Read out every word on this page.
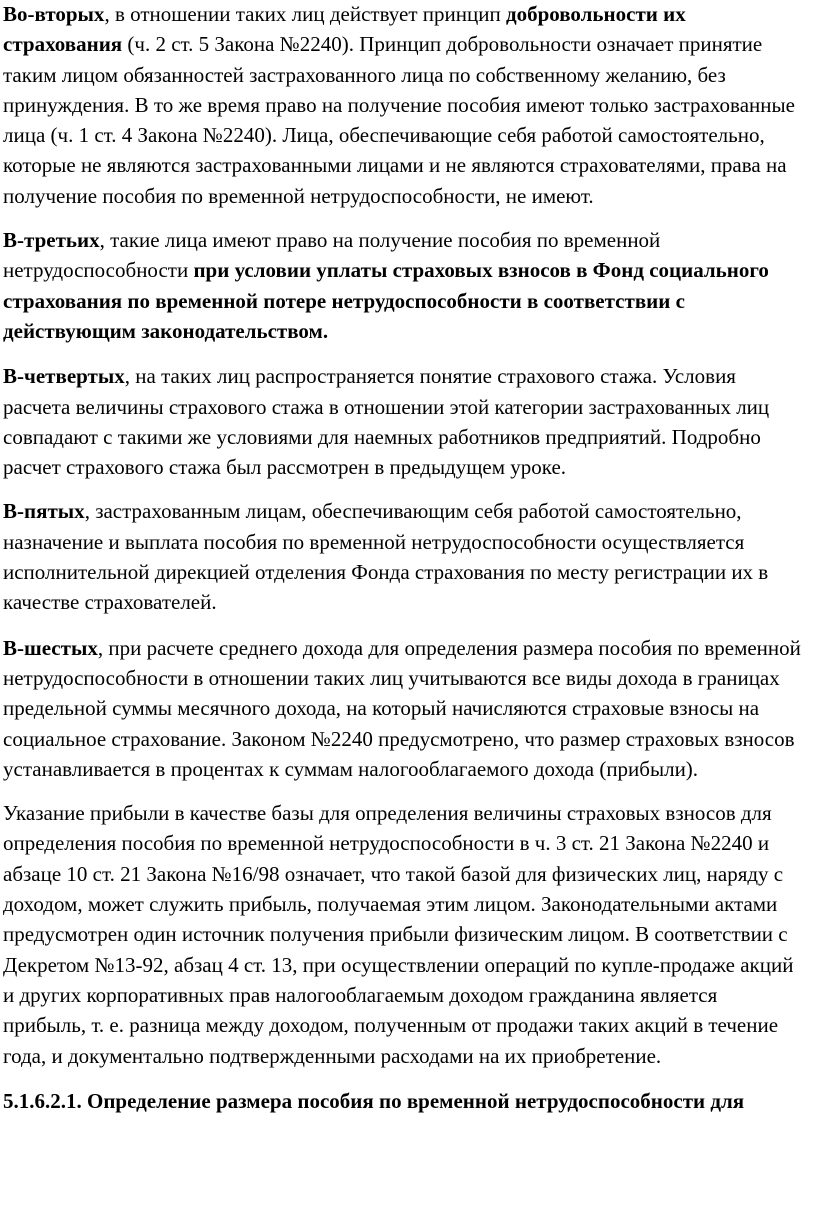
Во-вторых, в отношении таких лиц действует принцип добровольности их страхования (ч. 2 ст. 5 Закона №2240). Принцип добровольности означает принятие таким лицом обязанностей застрахованного лица по собственному желанию, без принуждения. В то же время право на получение пособия имеют только застрахованные лица (ч. 1 ст. 4 Закона №2240). Лица, обеспечивающие себя работой самостоятельно, которые не являются застрахованными лицами и не являются страхователями, права на получение пособия по временной нетрудоспособности, не имеют.

В-третьих, такие лица имеют право на получение пособия по временной нетрудоспособности при условии уплаты страховых взносов в Фонд социального страхования по временной потере нетрудоспособности в соответствии с действующим законодательством.

В-четвертых, на таких лиц распространяется понятие страхового стажа. Условия расчета величины страхового стажа в отношении этой категории застрахованных лиц совпадают с такими же условиями для наемных работников предприятий. Подробно расчет страхового стажа был рассмотрен в предыдущем уроке.

В-пятых, застрахованным лицам, обеспечивающим себя работой самостоятельно, назначение и выплата пособия по временной нетрудоспособности осуществляется исполнительной дирекцией отделения Фонда страхования по месту регистрации их в качестве страхователей.

В-шестых, при расчете среднего дохода для определения размера пособия по временной нетрудоспособности в отношении таких лиц учитываются все виды дохода в границах предельной суммы месячного дохода, на который начисляются страховые взносы на социальное страхование. Законом №2240 предусмотрено, что размер страховых взносов устанавливается в процентах к суммам налогооблагаемого дохода (прибыли).

Указание прибыли в качестве базы для определения величины страховых взносов для определения пособия по временной нетрудоспособности в ч. 3 ст. 21 Закона №2240 и абзаце 10 ст. 21 Закона №16/98 означает, что такой базой для физических лиц, наряду с доходом, может служить прибыль, получаемая этим лицом. Законодательными актами предусмотрен один источник получения прибыли физическим лицом. В соответствии с Декретом №13-92, абзац 4 ст. 13, при осуществлении операций по купле-продаже акций и других корпоративных прав налогооблагаемым доходом гражданина является прибыль, т. е. разница между доходом, полученным от продажи таких акций в течение года, и документально подтвержденными расходами на их приобретение.

5.1.6.2.1. Определение размера пособия по временной нетрудоспособности для
